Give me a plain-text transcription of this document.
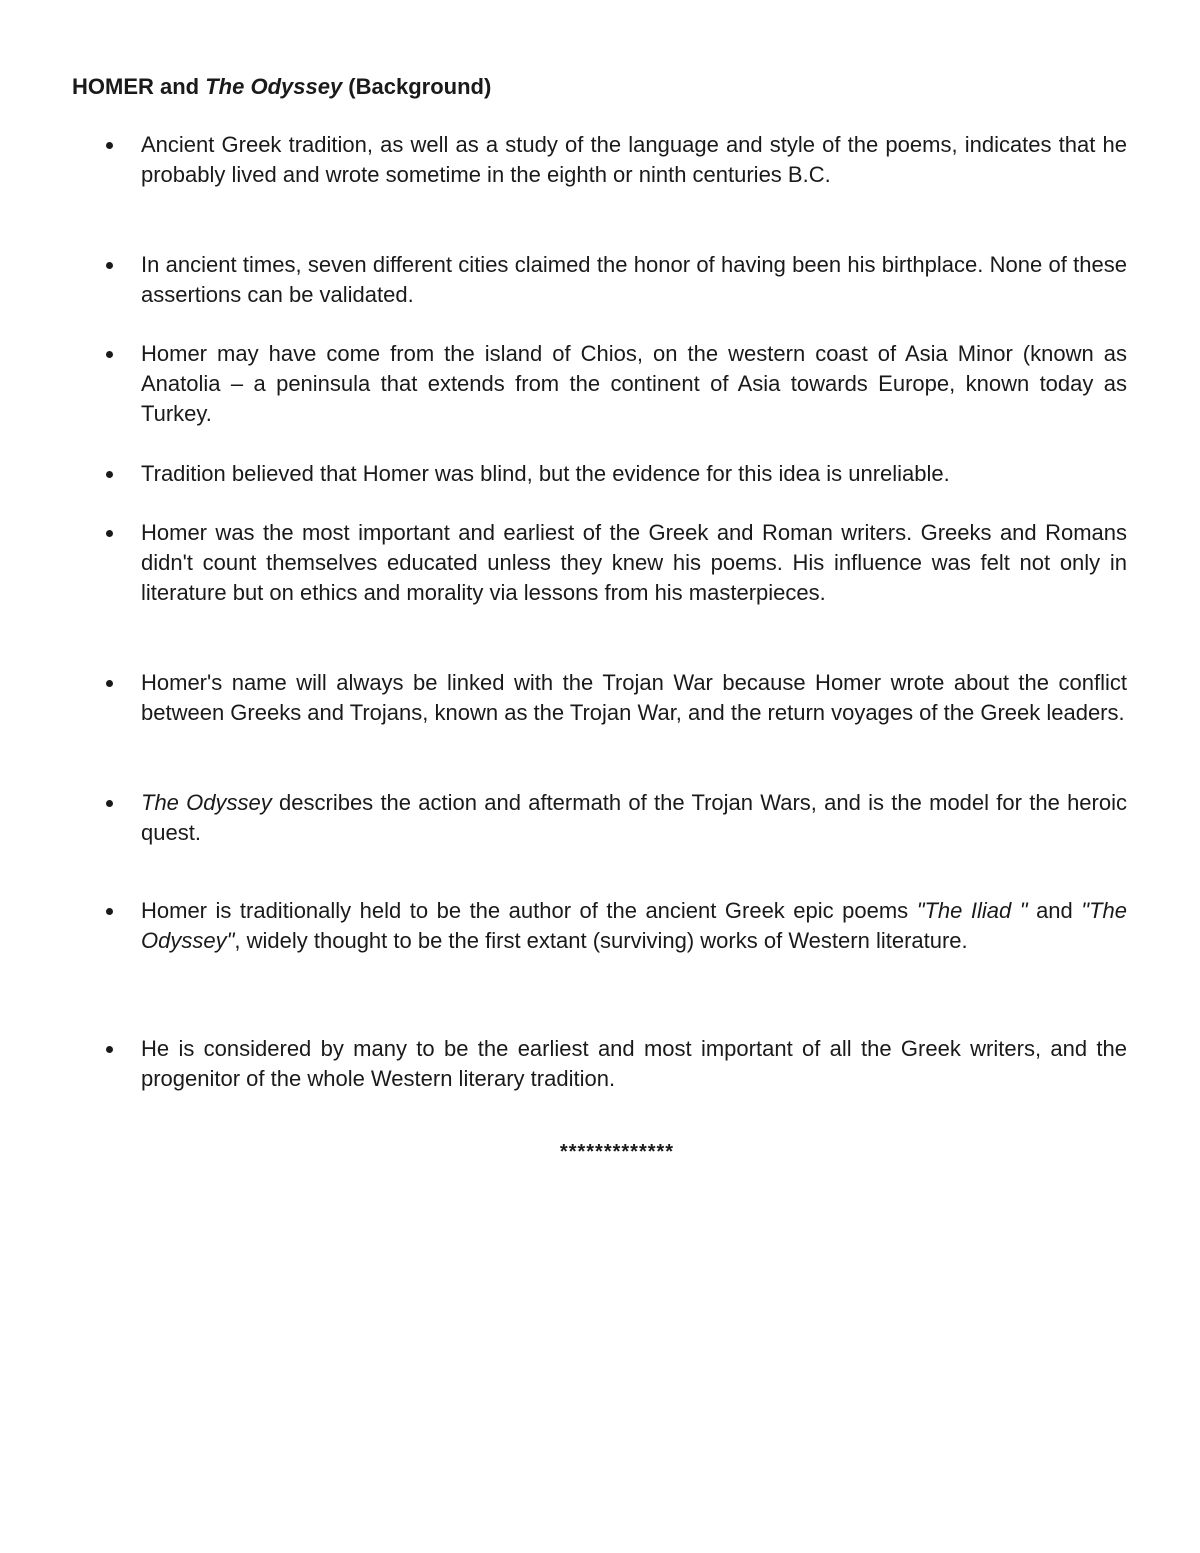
HOMER and The Odyssey (Background)

Ancient Greek tradition, as well as a study of the language and style of the poems, indicates that he probably lived and wrote sometime in the eighth or ninth centuries B.C.

In ancient times, seven different cities claimed the honor of having been his birthplace. None of these assertions can be validated.

Homer may have come from the island of Chios, on the western coast of Asia Minor (known as Anatolia – a peninsula that extends from the continent of Asia towards Europe, known today as Turkey.

Tradition believed that Homer was blind, but the evidence for this idea is unreliable.

Homer was the most important and earliest of the Greek and Roman writers. Greeks and Romans didn't count themselves educated unless they knew his poems. His influence was felt not only in literature but on ethics and morality via lessons from his masterpieces.

Homer's name will always be linked with the Trojan War because Homer wrote about the conflict between Greeks and Trojans, known as the Trojan War, and the return voyages of the Greek leaders.

The Odyssey describes the action and aftermath of the Trojan Wars, and is the model for the heroic quest.

Homer is traditionally held to be the author of the ancient Greek epic poems "The Iliad " and "The Odyssey", widely thought to be the first extant (surviving) works of Western literature.

He is considered by many to be the earliest and most important of all the Greek writers, and the progenitor of the whole Western literary tradition.

*************
